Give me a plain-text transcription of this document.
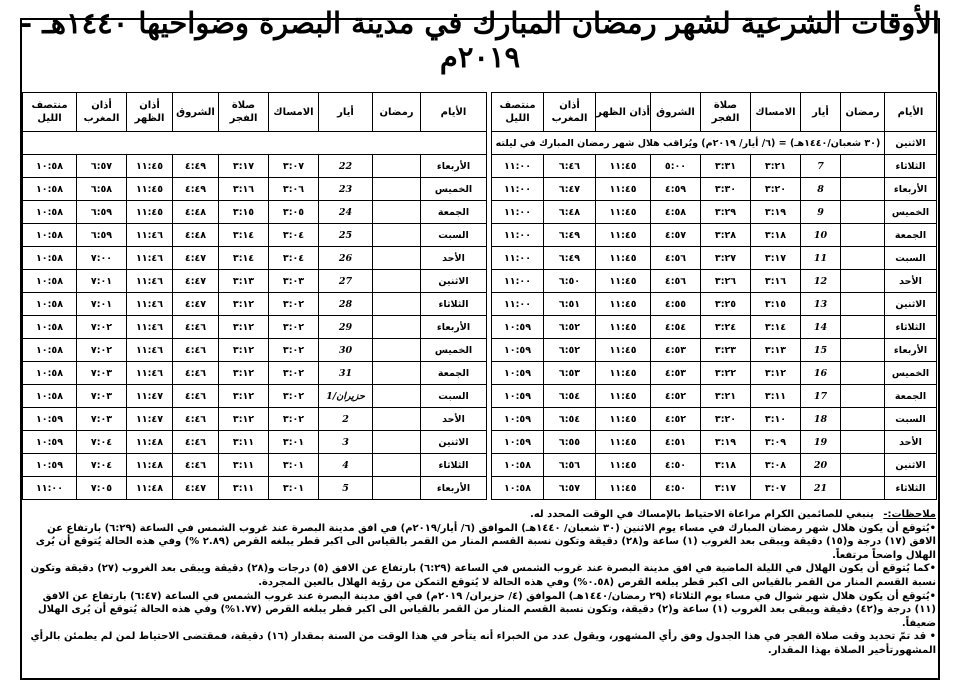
الأوقات الشرعية لشهر رمضان المبارك في مدينة البصرة وضواحيها ١٤٤٠هـ - ٢٠١٩م
الأيام	رمضان	أيار	الامساك	صلاة الفجر	الشروق	أذان الظهر	أذان المغرب	منتصف الليل
الاثنين	(٣٠ شعبان/١٤٤٠هـ) = (٦/ أيار/ ٢٠١٩م) ويُراقب هلال شهر رمضان المبارك في ليلته							
الثلاثاء		7	٣:٢١	٣:٣١	٥:٠٠	١١:٤٥	٦:٤٦	١١:٠٠
الأربعاء		8	٣:٢٠	٣:٣٠	٤:٥٩	١١:٤٥	٦:٤٧	١١:٠٠
الخميس		9	٣:١٩	٣:٢٩	٤:٥٨	١١:٤٥	٦:٤٨	١١:٠٠
الجمعة		10	٣:١٨	٣:٢٨	٤:٥٧	١١:٤٥	٦:٤٩	١١:٠٠
السبت		11	٣:١٧	٣:٢٧	٤:٥٦	١١:٤٥	٦:٤٩	١١:٠٠
الأحد		12	٣:١٦	٣:٢٦	٤:٥٦	١١:٤٥	٦:٥٠	١١:٠٠
الاثنين		13	٣:١٥	٣:٢٥	٤:٥٥	١١:٤٥	٦:٥١	١١:٠٠
الثلاثاء		14	٣:١٤	٣:٢٤	٤:٥٤	١١:٤٥	٦:٥٢	١٠:٥٩
الأربعاء		15	٣:١٣	٣:٢٣	٤:٥٣	١١:٤٥	٦:٥٢	١٠:٥٩
الخميس		16	٣:١٢	٣:٢٢	٤:٥٣	١١:٤٥	٦:٥٣	١٠:٥٩
الجمعة		17	٣:١١	٣:٢١	٤:٥٢	١١:٤٥	٦:٥٤	١٠:٥٩
السبت		18	٣:١٠	٣:٢٠	٤:٥٢	١١:٤٥	٦:٥٤	١٠:٥٩
الأحد		19	٣:٠٩	٣:١٩	٤:٥١	١١:٤٥	٦:٥٥	١٠:٥٩
الاثنين		20	٣:٠٨	٣:١٨	٤:٥٠	١١:٤٥	٦:٥٦	١٠:٥٨
الثلاثاء		21	٣:٠٧	٣:١٧	٤:٥٠	١١:٤٥	٦:٥٧	١٠:٥٨
الأيام	رمضان	أيار	الامساك	صلاة الفجر	الشروق	أذان الظهر	أذان المغرب	منتصف الليل

الأربعاء		22	٣:٠٧	٣:١٧	٤:٤٩	١١:٤٥	٦:٥٧	١٠:٥٨
الخميس		23	٣:٠٦	٣:١٦	٤:٤٩	١١:٤٥	٦:٥٨	١٠:٥٨
الجمعة		24	٣:٠٥	٣:١٥	٤:٤٨	١١:٤٥	٦:٥٩	١٠:٥٨
السبت		25	٣:٠٤	٣:١٤	٤:٤٨	١١:٤٦	٦:٥٩	١٠:٥٨
الأحد		26	٣:٠٤	٣:١٤	٤:٤٧	١١:٤٦	٧:٠٠	١٠:٥٨
الاثنين		27	٣:٠٣	٣:١٣	٤:٤٧	١١:٤٦	٧:٠١	١٠:٥٨
الثلاثاء		28	٣:٠٢	٣:١٢	٤:٤٧	١١:٤٦	٧:٠١	١٠:٥٨
الأربعاء		29	٣:٠٢	٣:١٢	٤:٤٦	١١:٤٦	٧:٠٢	١٠:٥٨
الخميس		30	٣:٠٢	٣:١٢	٤:٤٦	١١:٤٦	٧:٠٢	١٠:٥٨
الجمعة		31	٣:٠٢	٣:١٢	٤:٤٦	١١:٤٦	٧:٠٣	١٠:٥٨
السبت		حزيران/1	٣:٠٢	٣:١٢	٤:٤٦	١١:٤٧	٧:٠٣	١٠:٥٨
الأحد		2	٣:٠٢	٣:١٢	٤:٤٦	١١:٤٧	٧:٠٣	١٠:٥٩
الاثنين		3	٣:٠١	٣:١١	٤:٤٦	١١:٤٨	٧:٠٤	١٠:٥٩
الثلاثاء		4	٣:٠١	٣:١١	٤:٤٦	١١:٤٨	٧:٠٤	١٠:٥٩
الأربعاء		5	٣:٠١	٣:١١	٤:٤٧	١١:٤٨	٧:٠٥	١١:٠٠

ملاحظات:- ينبغي للصائمين الكرام مراعاة الاحتياط بالإمساك في الوقت المحدد له.

•يُتوقع أن يكون هلال شهر رمضان المبارك في مساء يوم الاثنين (٣٠ شعبان/ ١٤٤٠هـ) الموافق (٦/ أيار/٢٠١٩م) في افق مدينة البصرة عند غروب الشمس في الساعة (٦:٢٩) بارتفاع عن الافق (١٧) درجة و(١٥) دقيقة ويبقى بعد الغروب (١) ساعة و(٢٨) دقيقة وتكون نسبة القسم المنار من القمر بالقياس الى اكبر قطر يبلغه القرص (٢.٨٩ %) وفي هذه الحالة يُتوقع أن يُرى الهلال واضحاً مرتفعاً.

•كما يُتوقع أن يكون الهلال في الليلة الماضية في افق مدينة البصرة عند غروب الشمس في الساعة (٦:٢٩) بارتفاع عن الافق (٥) درجات و(٢٨) دقيقة ويبقى بعد الغروب (٢٧) دقيقة وتكون نسبة القسم المنار من القمر بالقياس الى اكبر قطر يبلغه القرص (٠.٥٨%) وفي هذه الحالة لا يُتوقع التمكن من رؤية الهلال بالعين المجردة.

•يُتوقع أن يكون هلال شهر شوال في مساء يوم الثلاثاء (٢٩ رمضان/١٤٤٠هـ) الموافق (٤/ حزيران/ ٢٠١٩م) في افق مدينة البصرة عند غروب الشمس في الساعة (٦:٤٧) بارتفاع عن الافق (١١) درجة و(٤٢) دقيقة ويبقى بعد الغروب (١) ساعة و(٢) دقيقة، وتكون نسبة القسم المنار من القمر بالقياس الى اكبر قطر يبلغه القرص (١.٧٧%) وفي هذه الحالة يُتوقع أن يُرى الهلال ضعيفاً.

• قد تمّ تحديد وقت صلاة الفجر في هذا الجدول وفق رأي المشهور، ويقول عدد من الخبراء أنه يتأخر في هذا الوقت من السنة بمقدار (١٦) دقيقة، فمقتضى الاحتياط لمن لم يطمئن بالرأي المشهورتأخير الصلاة بهذا المقدار.
